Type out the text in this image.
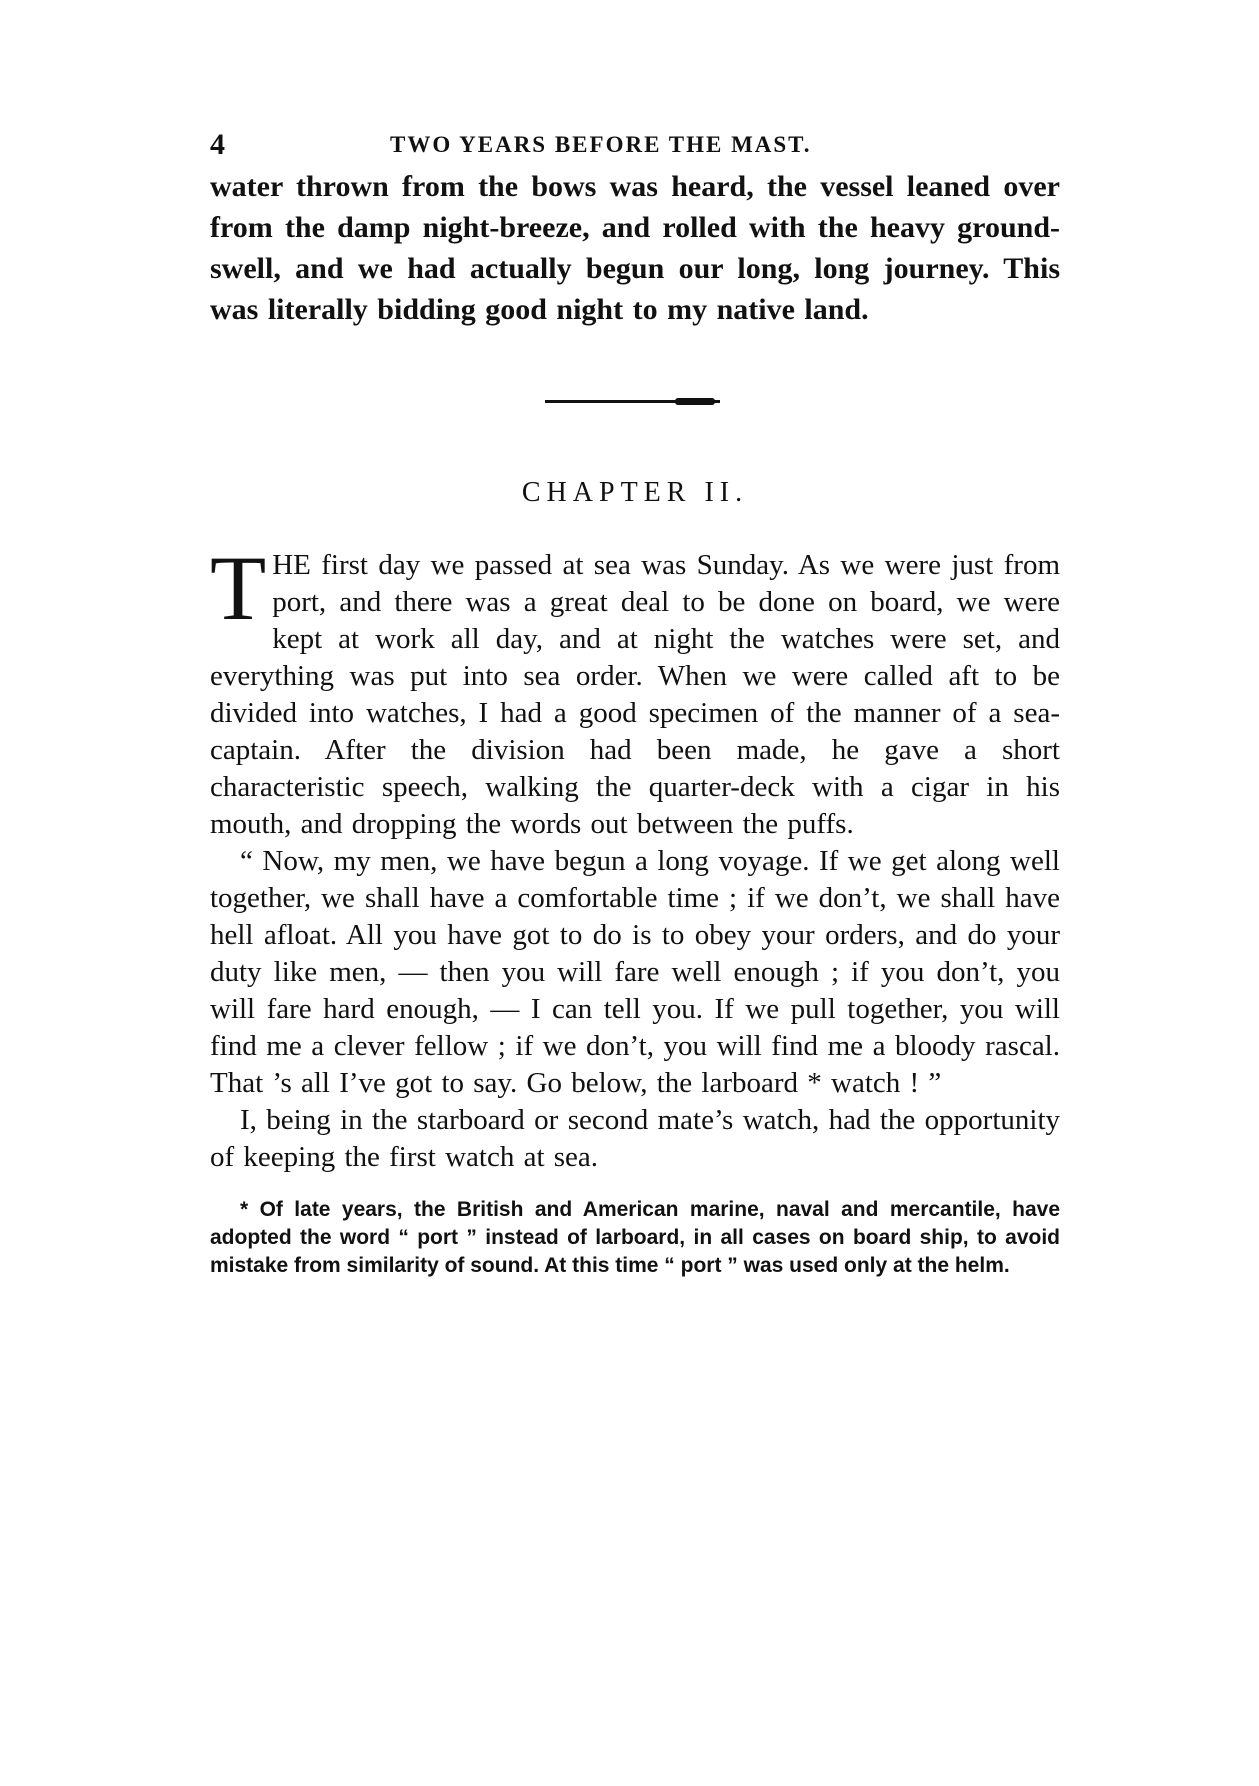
4	TWO YEARS BEFORE THE MAST.

water thrown from the bows was heard, the vessel leaned over from the damp night-breeze, and rolled with the heavy ground-swell, and we had actually begun our long, long journey. This was literally bidding good night to my native land.

CHAPTER II.

THE first day we passed at sea was Sunday. As we were just from port, and there was a great deal to be done on board, we were kept at work all day, and at night the watches were set, and everything was put into sea order. When we were called aft to be divided into watches, I had a good specimen of the manner of a sea-captain. After the division had been made, he gave a short characteristic speech, walking the quarter-deck with a cigar in his mouth, and dropping the words out between the puffs.

“ Now, my men, we have begun a long voyage. If we get along well together, we shall have a comfortable time ; if we don’t, we shall have hell afloat. All you have got to do is to obey your orders, and do your duty like men, — then you will fare well enough ; if you don’t, you will fare hard enough, — I can tell you. If we pull together, you will find me a clever fellow ; if we don’t, you will find me a bloody rascal. That ’s all I’ve got to say. Go below, the larboard * watch ! ”

I, being in the starboard or second mate’s watch, had the opportunity of keeping the first watch at sea.

* Of late years, the British and American marine, naval and mercantile, have adopted the word “ port ” instead of larboard, in all cases on board ship, to avoid mistake from similarity of sound. At this time “ port ” was used only at the helm.
